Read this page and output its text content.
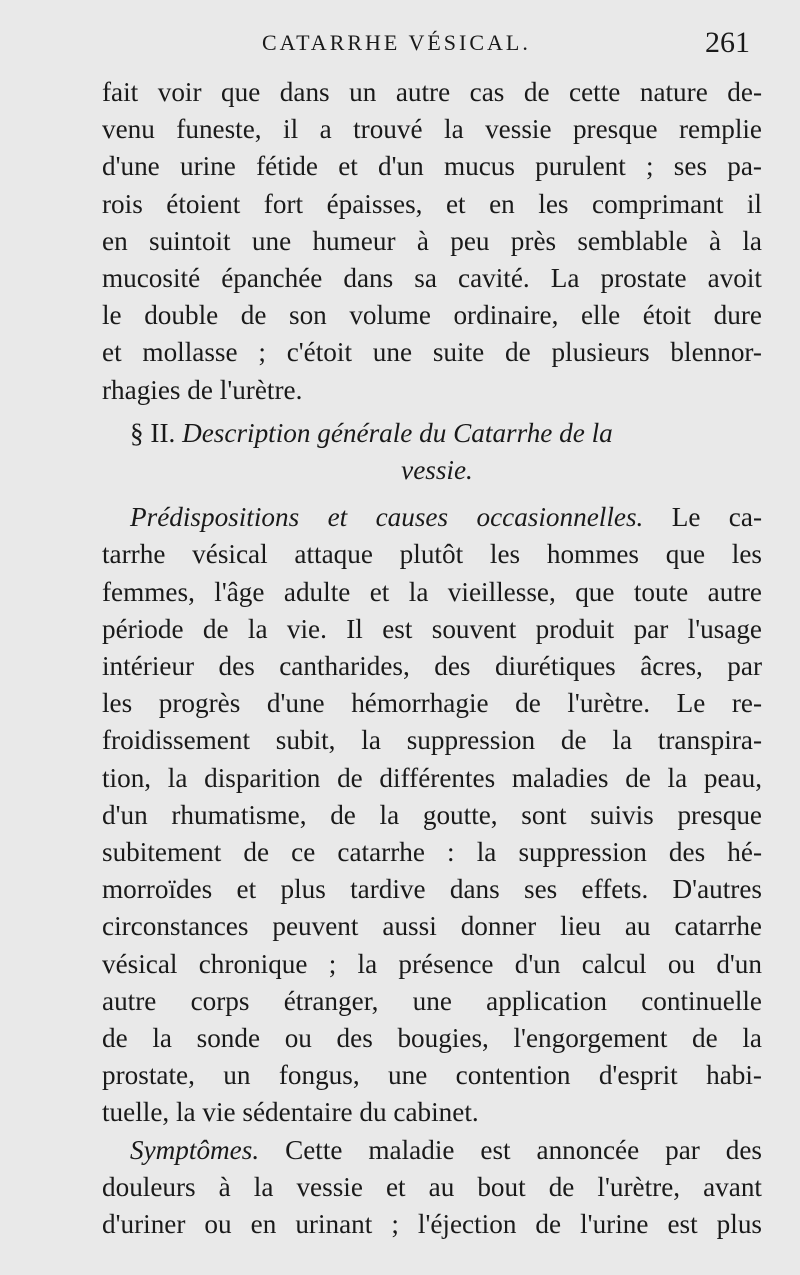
CATARRHE VÉSICAL.	261
fait voir que dans un autre cas de cette nature de-
venu funeste, il a trouvé la vessie presque remplie
d'une urine fétide et d'un mucus purulent ; ses pa-
rois étoient fort épaisses, et en les comprimant il
en suintoit une humeur à peu près semblable à la
mucosité épanchée dans sa cavité. La prostate avoit
le double de son volume ordinaire, elle étoit dure
et mollasse ; c'étoit une suite de plusieurs blennor-
rhagies de l'urètre.
§ II. Description générale du Catarrhe de la
vessie.
Prédispositions et causes occasionnelles. Le ca-
tarrhe vésical attaque plutôt les hommes que les
femmes, l'âge adulte et la vieillesse, que toute autre
période de la vie. Il est souvent produit par l'usage
intérieur des cantharides, des diurétiques âcres, par
les progrès d'une hémorrhagie de l'urètre. Le re-
froidissement subit, la suppression de la transpira-
tion, la disparition de différentes maladies de la peau,
d'un rhumatisme, de la goutte, sont suivis presque
subitement de ce catarrhe : la suppression des hé-
morroïdes et plus tardive dans ses effets. D'autres
circonstances peuvent aussi donner lieu au catarrhe
vésical chronique ; la présence d'un calcul ou d'un
autre corps étranger, une application continuelle
de la sonde ou des bougies, l'engorgement de la
prostate, un fongus, une contention d'esprit habi-
tuelle, la vie sédentaire du cabinet.
Symptômes. Cette maladie est annoncée par des
douleurs à la vessie et au bout de l'urètre, avant
d'uriner ou en urinant ; l'éjection de l'urine est plus
